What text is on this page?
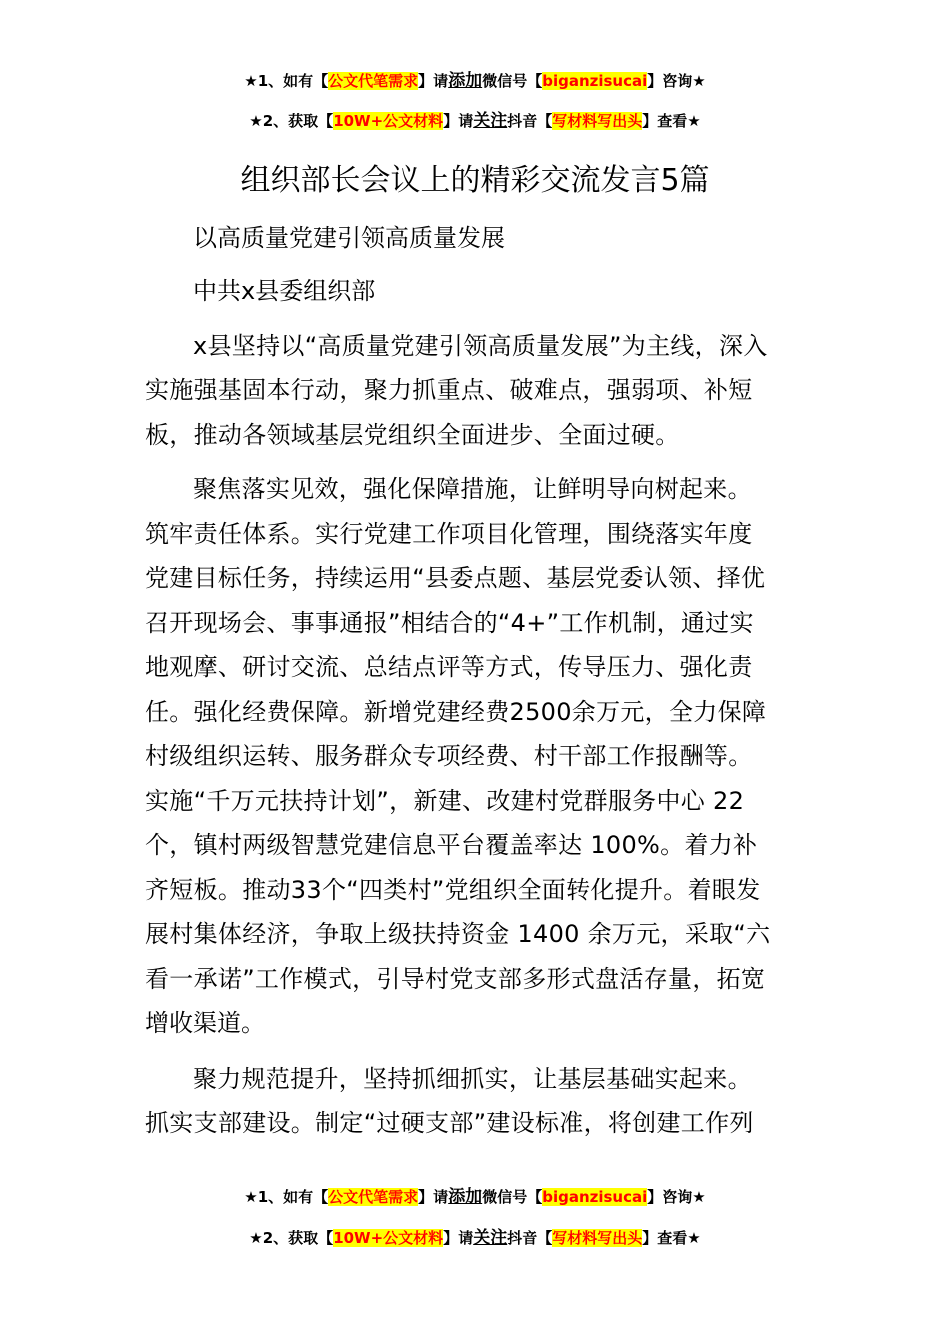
★1、如有【公文代笔需求】请添加微信号【biganzisucai】咨询★
★2、获取【10W+公文材料】请关注抖音【写材料写出头】查看★
组织部长会议上的精彩交流发言5篇
以高质量党建引领高质量发展
中共x县委组织部
x县坚持以“高质量党建引领高质量发展”为主线，深入
实施强基固本行动，聚力抓重点、破难点，强弱项、补短
板，推动各领域基层党组织全面进步、全面过硬。
聚焦落实见效，强化保障措施，让鲜明导向树起来。
筑牢责任体系。实行党建工作项目化管理，围绕落实年度
党建目标任务，持续运用“县委点题、基层党委认领、择优
召开现场会、事事通报”相结合的“4+”工作机制，通过实
地观摩、研讨交流、总结点评等方式，传导压力、强化责
任。强化经费保障。新增党建经费2500余万元，全力保障
村级组织运转、服务群众专项经费、村干部工作报酬等。
实施“千万元扶持计划”，新建、改建村党群服务中心 22
个，镇村两级智慧党建信息平台覆盖率达 100%。着力补
齐短板。推动33个“四类村”党组织全面转化提升。着眼发
展村集体经济，争取上级扶持资金 1400 余万元，采取“六
看一承诺”工作模式，引导村党支部多形式盘活存量，拓宽
增收渠道。
聚力规范提升，坚持抓细抓实，让基层基础实起来。
抓实支部建设。制定“过硬支部”建设标准，将创建工作列
★1、如有【公文代笔需求】请添加微信号【biganzisucai】咨询★
★2、获取【10W+公文材料】请关注抖音【写材料写出头】查看★
